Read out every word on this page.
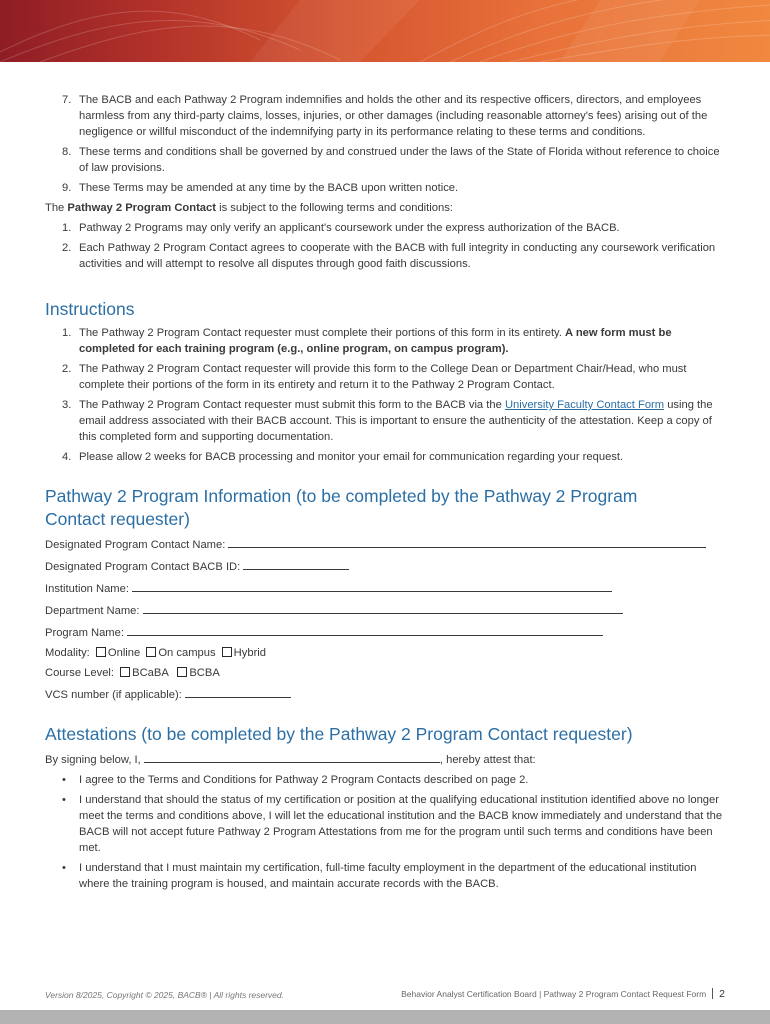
7. The BACB and each Pathway 2 Program indemnifies and holds the other and its respective officers, directors, and employees harmless from any third-party claims, losses, injuries, or other damages (including reasonable attorney's fees) arising out of the negligence or willful misconduct of the indemnifying party in its performance relating to these terms and conditions.
8. These terms and conditions shall be governed by and construed under the laws of the State of Florida without reference to choice of law provisions.
9. These Terms may be amended at any time by the BACB upon written notice.

The Pathway 2 Program Contact is subject to the following terms and conditions:

1. Pathway 2 Programs may only verify an applicant's coursework under the express authorization of the BACB.
2. Each Pathway 2 Program Contact agrees to cooperate with the BACB with full integrity in conducting any coursework verification activities and will attempt to resolve all disputes through good faith discussions.
Instructions
1. The Pathway 2 Program Contact requester must complete their portions of this form in its entirety. A new form must be completed for each training program (e.g., online program, on campus program).
2. The Pathway 2 Program Contact requester will provide this form to the College Dean or Department Chair/Head, who must complete their portions of the form in its entirety and return it to the Pathway 2 Program Contact.
3. The Pathway 2 Program Contact requester must submit this form to the BACB via the University Faculty Contact Form using the email address associated with their BACB account. This is important to ensure the authenticity of the attestation. Keep a copy of this completed form and supporting documentation.
4. Please allow 2 weeks for BACB processing and monitor your email for communication regarding your request.
Pathway 2 Program Information (to be completed by the Pathway 2 Program Contact requester)
Designated Program Contact Name:
Designated Program Contact BACB ID:
Institution Name:
Department Name:
Program Name:
Modality: Online On campus Hybrid
Course Level: BCaBA BCBA
VCS number (if applicable):
Attestations (to be completed by the Pathway 2 Program Contact requester)

By signing below, I,	, hereby attest that:

• I agree to the Terms and Conditions for Pathway 2 Program Contacts described on page 2.
• I understand that should the status of my certification or position at the qualifying educational institution identified above no longer meet the terms and conditions above, I will let the educational institution and the BACB know immediately and understand that the BACB will not accept future Pathway 2 Program Attestations from me for the program until such terms and conditions have been met.
• I understand that I must maintain my certification, full-time faculty employment in the department of the educational institution where the training program is housed, and maintain accurate records with the BACB.
Version 8/2025, Copyright © 2025, BACB® | All rights reserved.	Behavior Analyst Certification Board | Pathway 2 Program Contact Request Form 2
